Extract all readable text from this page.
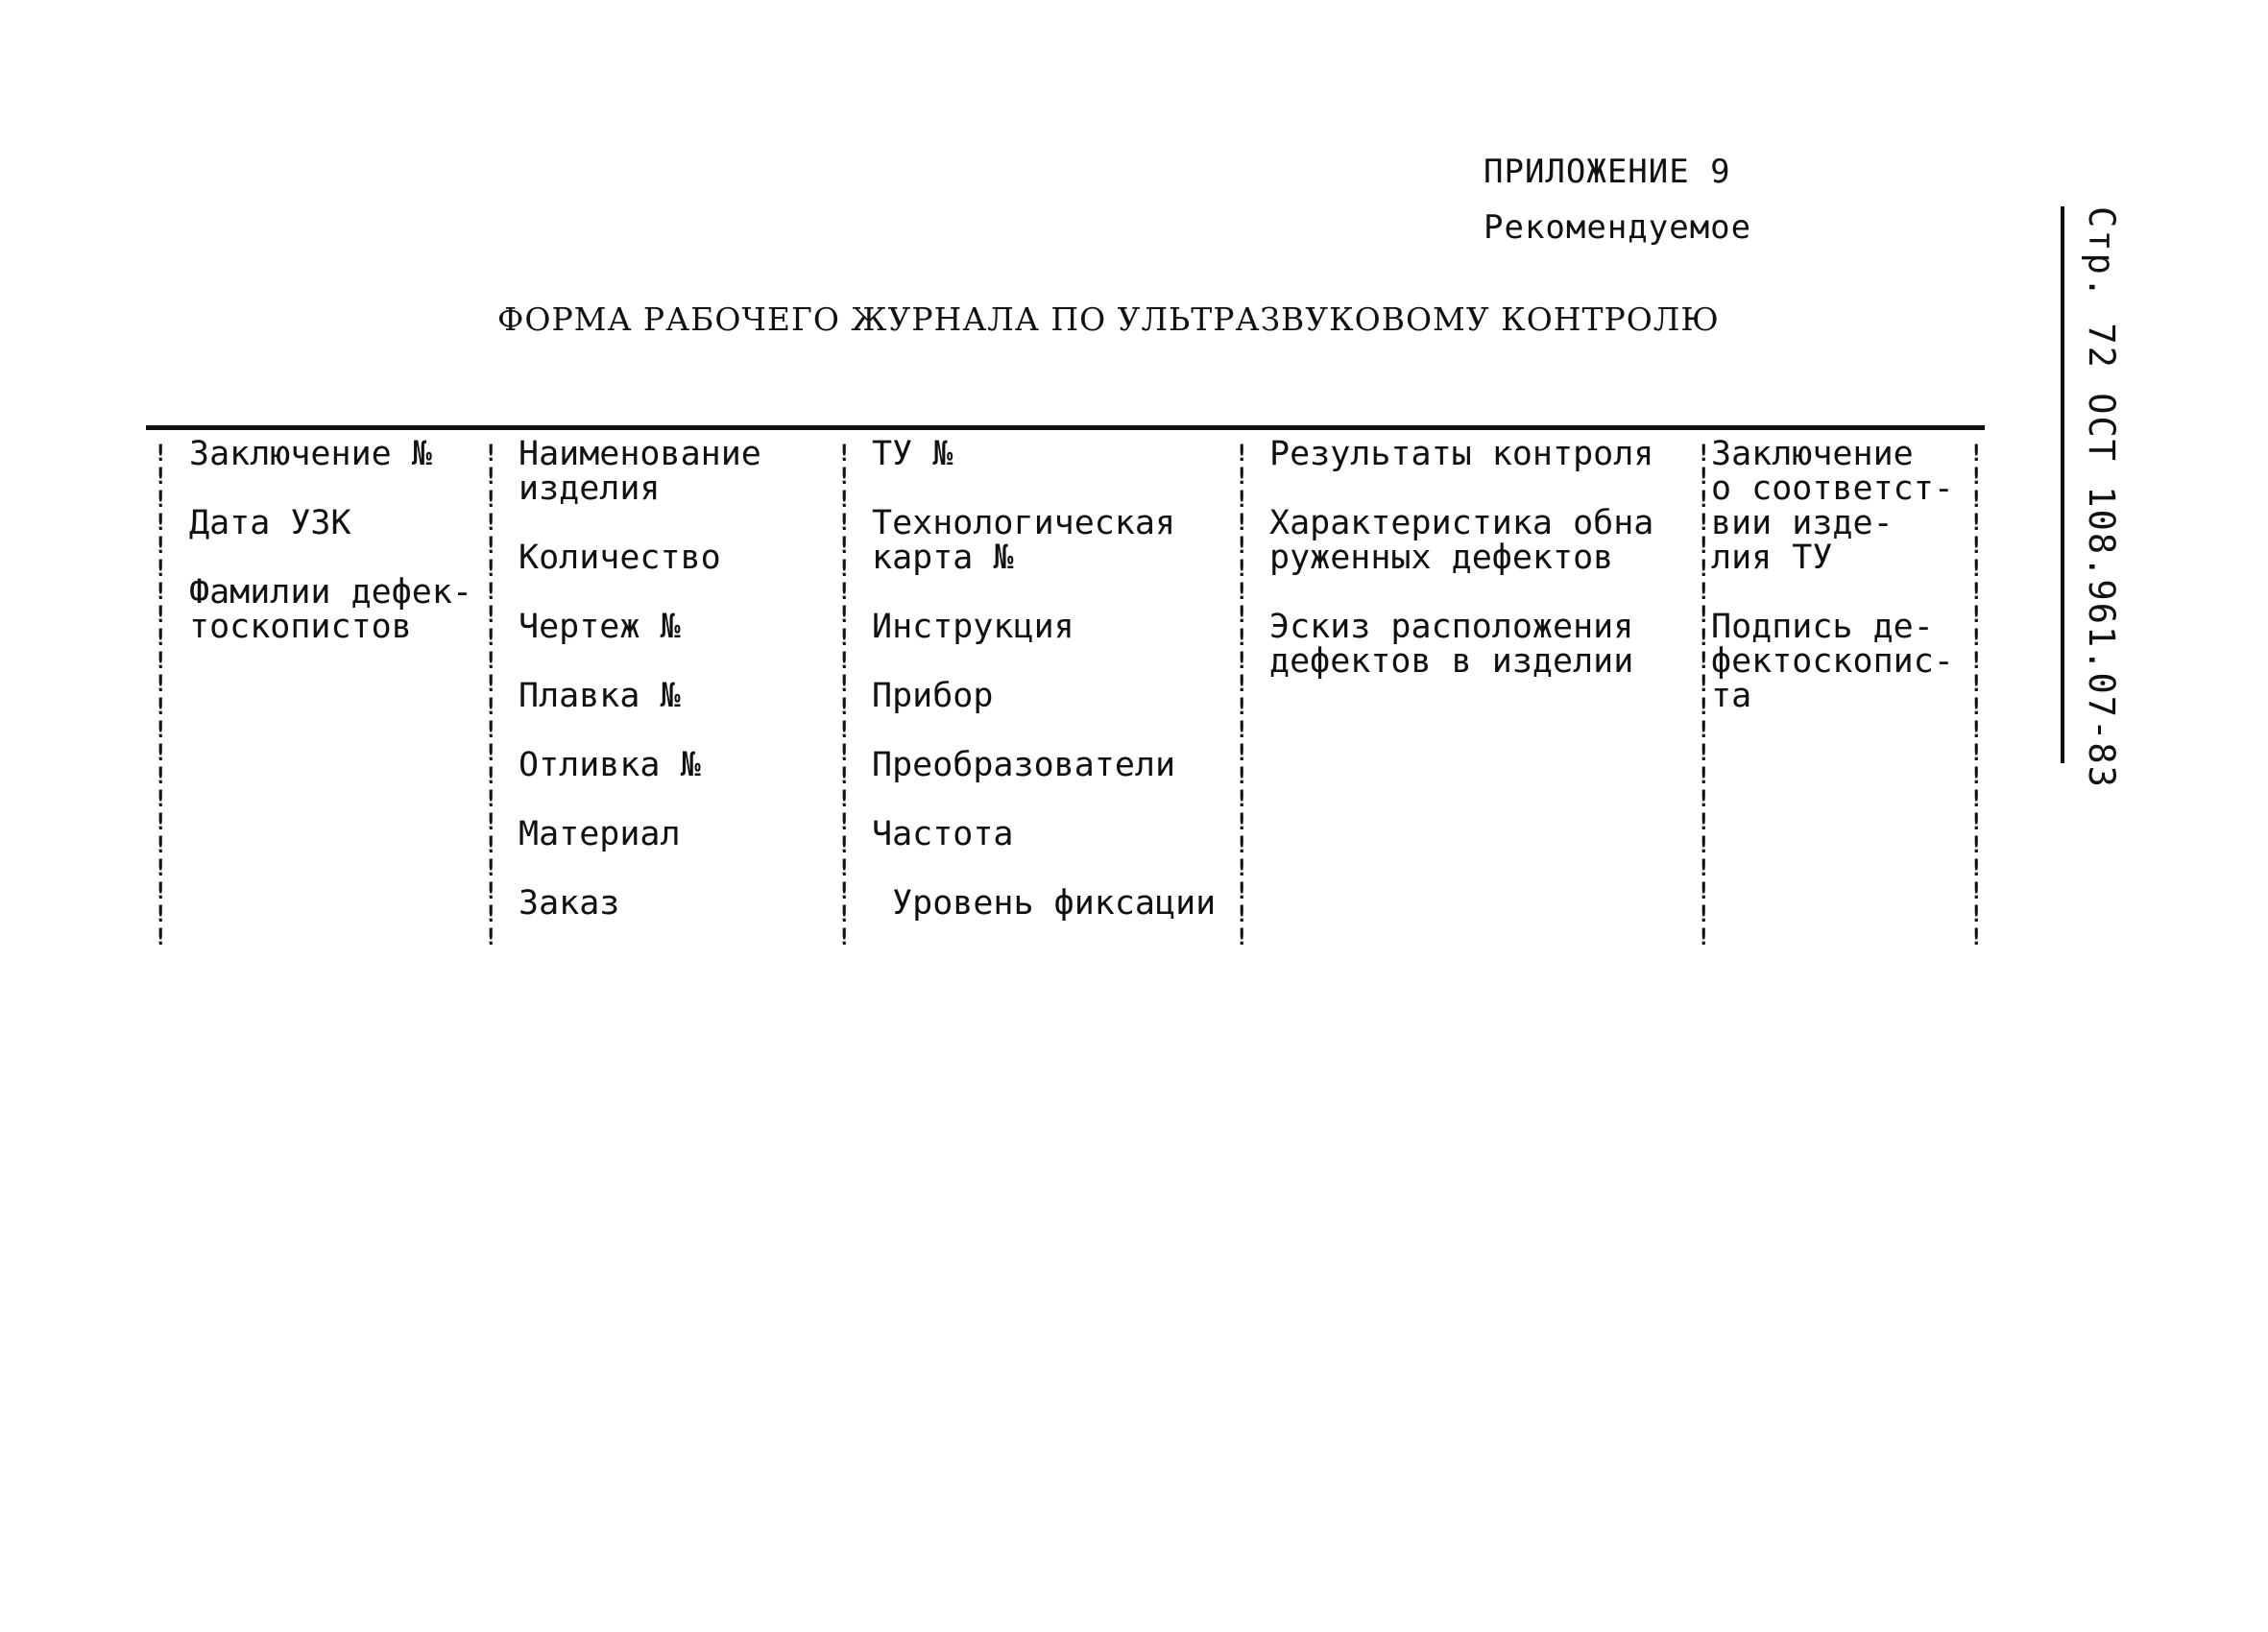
ПРИЛОЖЕНИЕ 9
Рекомендуемое	Стр. 72 ОСТ 108.961.07-83
ФОРМА РАБОЧЕГО ЖУРНАЛА ПО УЛЬТРАЗВУКОВОМУ КОНТРОЛЮ
!
!
!
!
!
!
!
!
!
!
!
!
!
!
!
!
!
!
!
!
!
!
!
!
!
!
!
!
!
!
!
!
!
!
!
!
!
!
!
!
!
!
!
!
!
!
!
!
!
!
!
!
!
!
!
!
!
!
!
!
!
!
!
!
!
!
!
!
!
!
!
!
!
!
!
!
!
!
!
!
!
!
!
!
!
!
!
!
!
!
!
!
!
!
!
!
!
!
!
!
!
!
!
!
!
!
!
!
!
!
!
!
!
!
!
!
!
!
!
!
!
!
!
!
!
!
!
!
!
!
!
!
Заключение №

Дата УЗК

Фамилии дефек-
тоскопистов
Наименование
изделия

Количество

Чертеж №

Плавка №

Отливка №

Материал

Заказ
ТУ №

Технологическая
карта №

Инструкция

Прибор

Преобразователи

Частота

Уровень фиксации
Результаты контроля

Характеристика обна
руженных дефектов

Эскиз расположения
дефектов в изделии
Заключение
о соответст-
вии изде-
лия ТУ

Подпись де-
фектоскопис-
та
